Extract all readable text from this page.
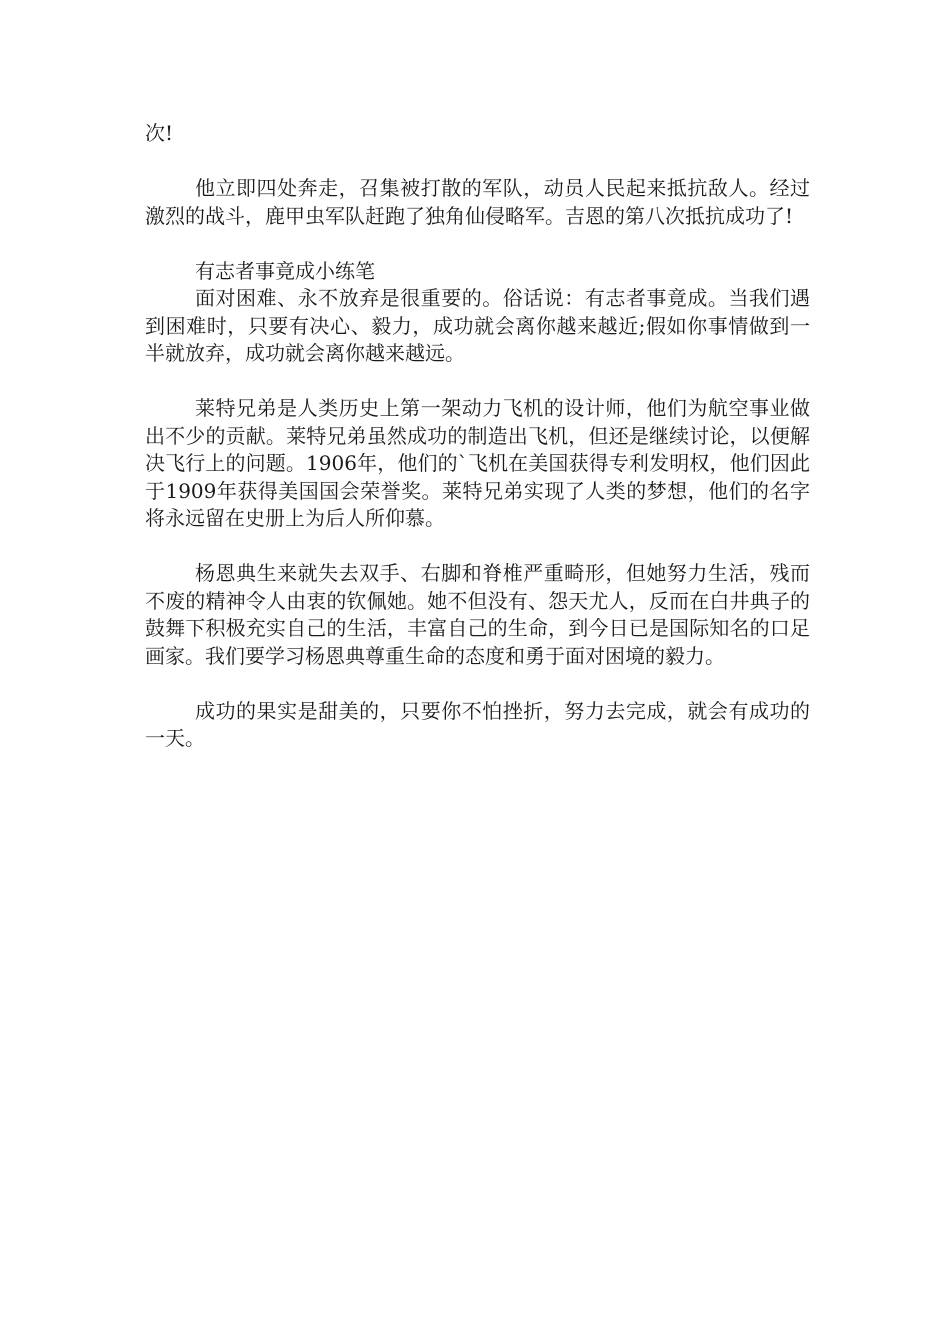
次!

他立即四处奔走，召集被打散的军队，动员人民起来抵抗敌人。经过激烈的战斗，鹿甲虫军队赶跑了独角仙侵略军。吉恩的第八次抵抗成功了!

有志者事竟成小练笔

面对困难、永不放弃是很重要的。俗话说：有志者事竟成。当我们遇到困难时，只要有决心、毅力，成功就会离你越来越近;假如你事情做到一半就放弃，成功就会离你越来越远。

莱特兄弟是人类历史上第一架动力飞机的设计师，他们为航空事业做出不少的贡献。莱特兄弟虽然成功的制造出飞机，但还是继续讨论，以便解决飞行上的问题。1906年，他们的`飞机在美国获得专利发明权，他们因此于1909年获得美国国会荣誉奖。莱特兄弟实现了人类的梦想，他们的名字将永远留在史册上为后人所仰慕。

杨恩典生来就失去双手、右脚和脊椎严重畸形，但她努力生活，残而不废的精神令人由衷的钦佩她。她不但没有、怨天尤人，反而在白井典子的鼓舞下积极充实自己的生活，丰富自己的生命，到今日已是国际知名的口足画家。我们要学习杨恩典尊重生命的态度和勇于面对困境的毅力。

成功的果实是甜美的，只要你不怕挫折，努力去完成，就会有成功的一天。
